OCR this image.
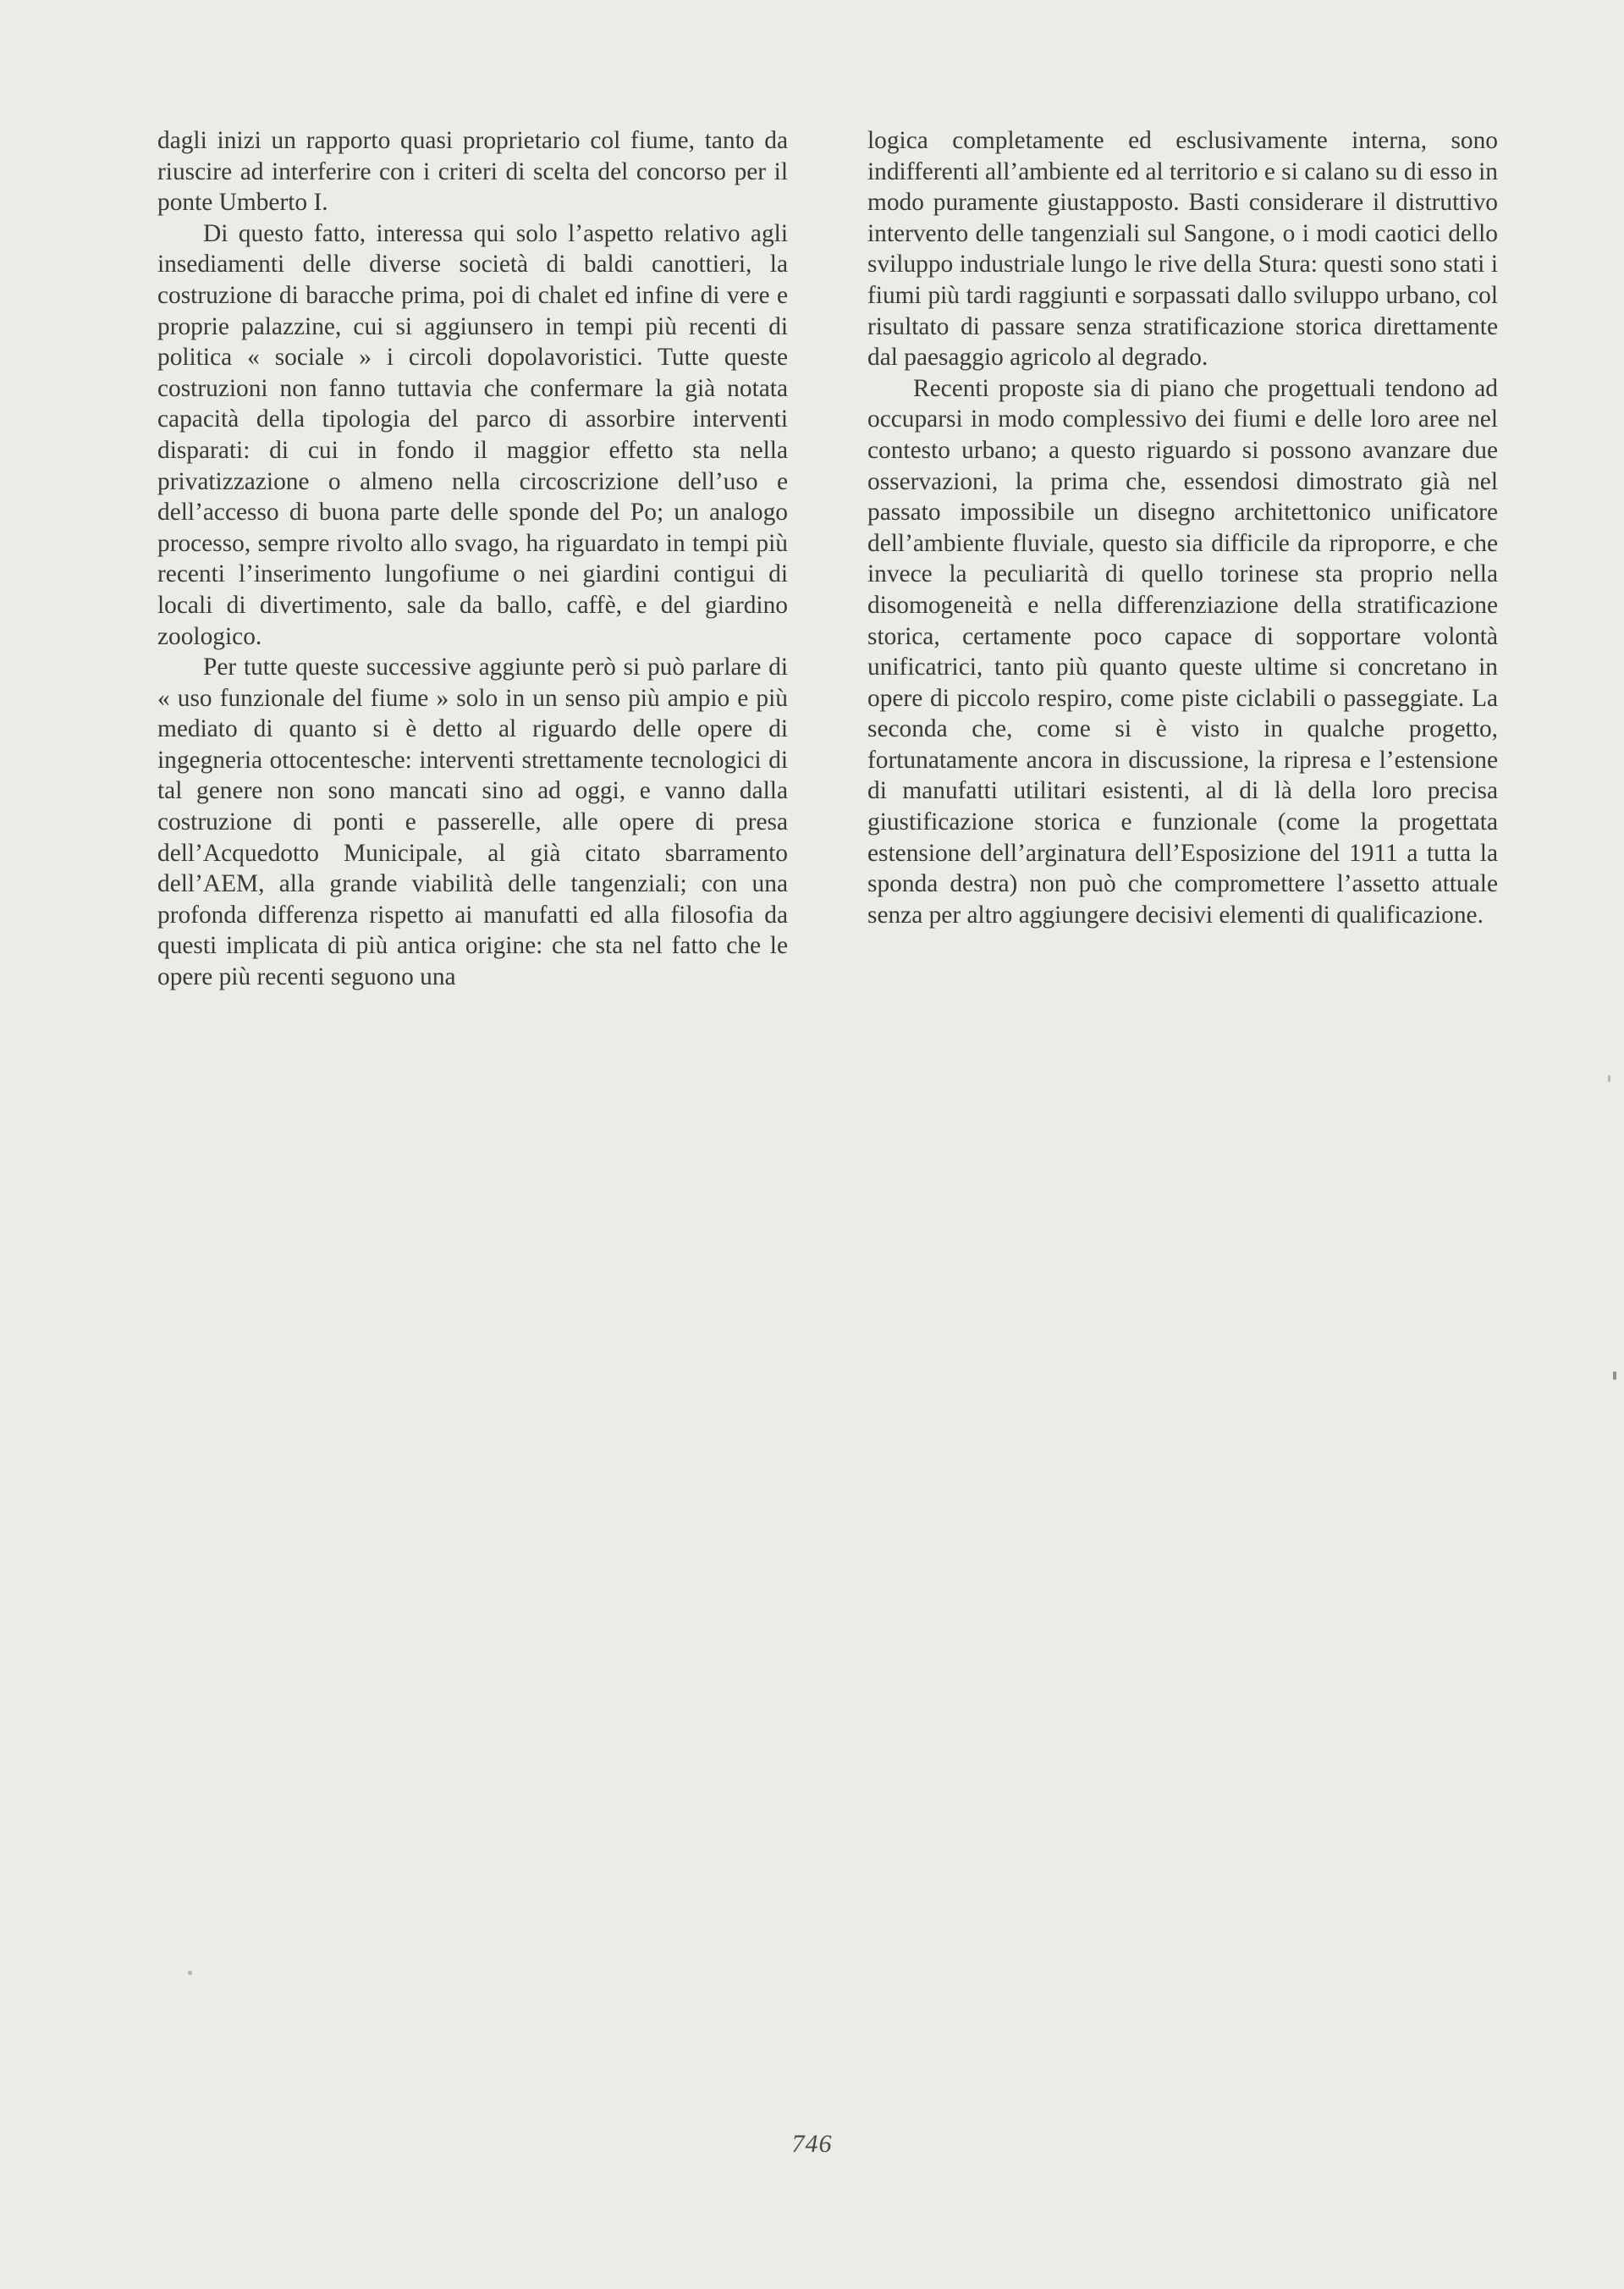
dagli inizi un rapporto quasi proprietario col fiume, tanto da riuscire ad interferire con i criteri di scelta del concorso per il ponte Umberto I.

Di questo fatto, interessa qui solo l’aspetto relativo agli insediamenti delle diverse società di baldi canottieri, la costruzione di baracche prima, poi di chalet ed infine di vere e proprie palazzine, cui si aggiunsero in tempi più recenti di politica « sociale » i circoli dopolavoristici. Tutte queste costruzioni non fanno tuttavia che confermare la già notata capacità della tipologia del parco di assorbire interventi disparati: di cui in fondo il maggior effetto sta nella privatizzazione o almeno nella circoscrizione dell’uso e dell’accesso di buona parte delle sponde del Po; un analogo processo, sempre rivolto allo svago, ha riguardato in tempi più recenti l’inserimento lungofiume o nei giardini contigui di locali di divertimento, sale da ballo, caffè, e del giardino zoologico.

Per tutte queste successive aggiunte però si può parlare di « uso funzionale del fiume » solo in un senso più ampio e più mediato di quanto si è detto al riguardo delle opere di ingegneria ottocentesche: interventi strettamente tecnologici di tal genere non sono mancati sino ad oggi, e vanno dalla costruzione di ponti e passerelle, alle opere di presa dell’Acquedotto Municipale, al già citato sbarramento dell’AEM, alla grande viabilità delle tangenziali; con una profonda differenza rispetto ai manufatti ed alla filosofia da questi implicata di più antica origine: che sta nel fatto che le opere più recenti seguono una

logica completamente ed esclusivamente interna, sono indifferenti all’ambiente ed al territorio e si calano su di esso in modo puramente giustapposto. Basti considerare il distruttivo intervento delle tangenziali sul Sangone, o i modi caotici dello sviluppo industriale lungo le rive della Stura: questi sono stati i fiumi più tardi raggiunti e sorpassati dallo sviluppo urbano, col risultato di passare senza stratificazione storica direttamente dal paesaggio agricolo al degrado.

Recenti proposte sia di piano che progettuali tendono ad occuparsi in modo complessivo dei fiumi e delle loro aree nel contesto urbano; a questo riguardo si possono avanzare due osservazioni, la prima che, essendosi dimostrato già nel passato impossibile un disegno architettonico unificatore dell’ambiente fluviale, questo sia difficile da riproporre, e che invece la peculiarità di quello torinese sta proprio nella disomogeneità e nella differenziazione della stratificazione storica, certamente poco capace di sopportare volontà unificatrici, tanto più quanto queste ultime si concretano in opere di piccolo respiro, come piste ciclabili o passeggiate. La seconda che, come si è visto in qualche progetto, fortunatamente ancora in discussione, la ripresa e l’estensione di manufatti utilitari esistenti, al di là della loro precisa giustificazione storica e funzionale (come la progettata estensione dell’arginatura dell’Esposizione del 1911 a tutta la sponda destra) non può che compromettere l’assetto attuale senza per altro aggiungere decisivi elementi di qualificazione.

746
